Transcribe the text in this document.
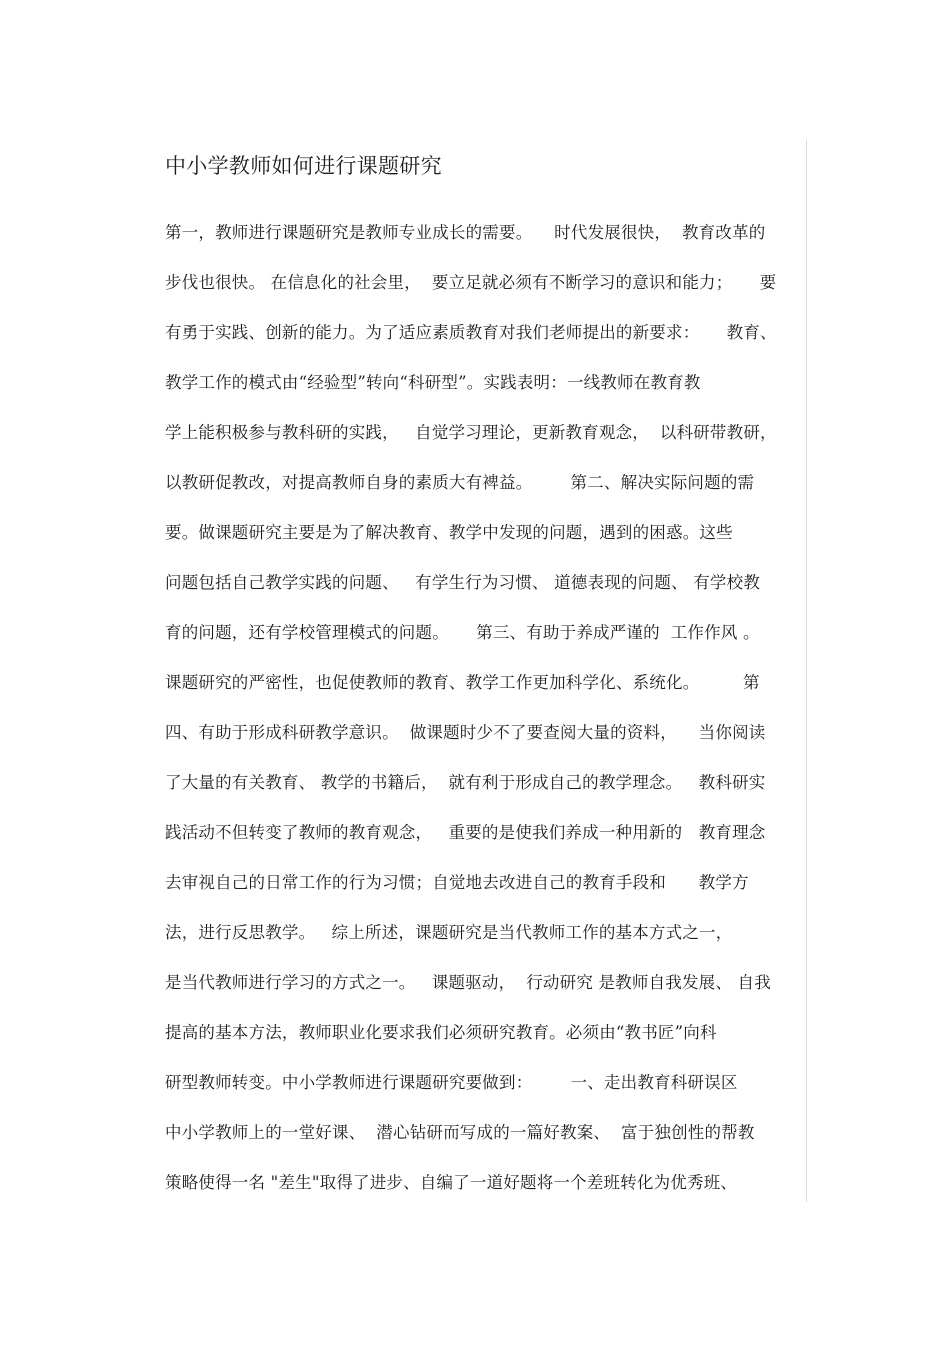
中小学教师如何进行课题研究
第一，教师进行课题研究是教师专业成长的需要。    时代发展很快，  教育改革的
步伐也很快。 在信息化的社会里，  要立足就必须有不断学习的意识和能力；     要
有勇于实践、创新的能力。为了适应素质教育对我们老师提出的新要求：     教育、
教学工作的模式由“经验型”转向“科研型”。实践表明：一线教师在教育教
学上能积极参与教科研的实践，   自觉学习理论，更新教育观念，  以科研带教研，
以教研促教改，对提高教师自身的素质大有裨益。       第二、解决实际问题的需
要。做课题研究主要是为了解决教育、教学中发现的问题，遇到的困惑。这些
问题包括自己教学实践的问题、   有学生行为习惯、 道德表现的问题、 有学校教
育的问题，还有学校管理模式的问题。     第三、有助于养成严谨的  工作作风 。
课题研究的严密性，也促使教师的教育、教学工作更加科学化、系统化。        第
四、有助于形成科研教学意识。  做课题时少不了要查阅大量的资料，    当你阅读
了大量的有关教育、 教学的书籍后，  就有利于形成自己的教学理念。   教科研实
践活动不但转变了教师的教育观念，   重要的是使我们养成一种用新的   教育理念
去审视自己的日常工作的行为习惯；自觉地去改进自己的教育手段和      教学方
法，进行反思教学。   综上所述，课题研究是当代教师工作的基本方式之一，
是当代教师进行学习的方式之一。   课题驱动，  行动研究 是教师自我发展、 自我
提高的基本方法，教师职业化要求我们必须研究教育。必须由“教书匠”向科
研型教师转变。中小学教师进行课题研究要做到：       一、走出教育科研误区
中小学教师上的一堂好课、  潜心钻研而写成的一篇好教案、  富于独创性的帮教
策略使得一名 "差生"取得了进步、自编了一道好题将一个差班转化为优秀班、
